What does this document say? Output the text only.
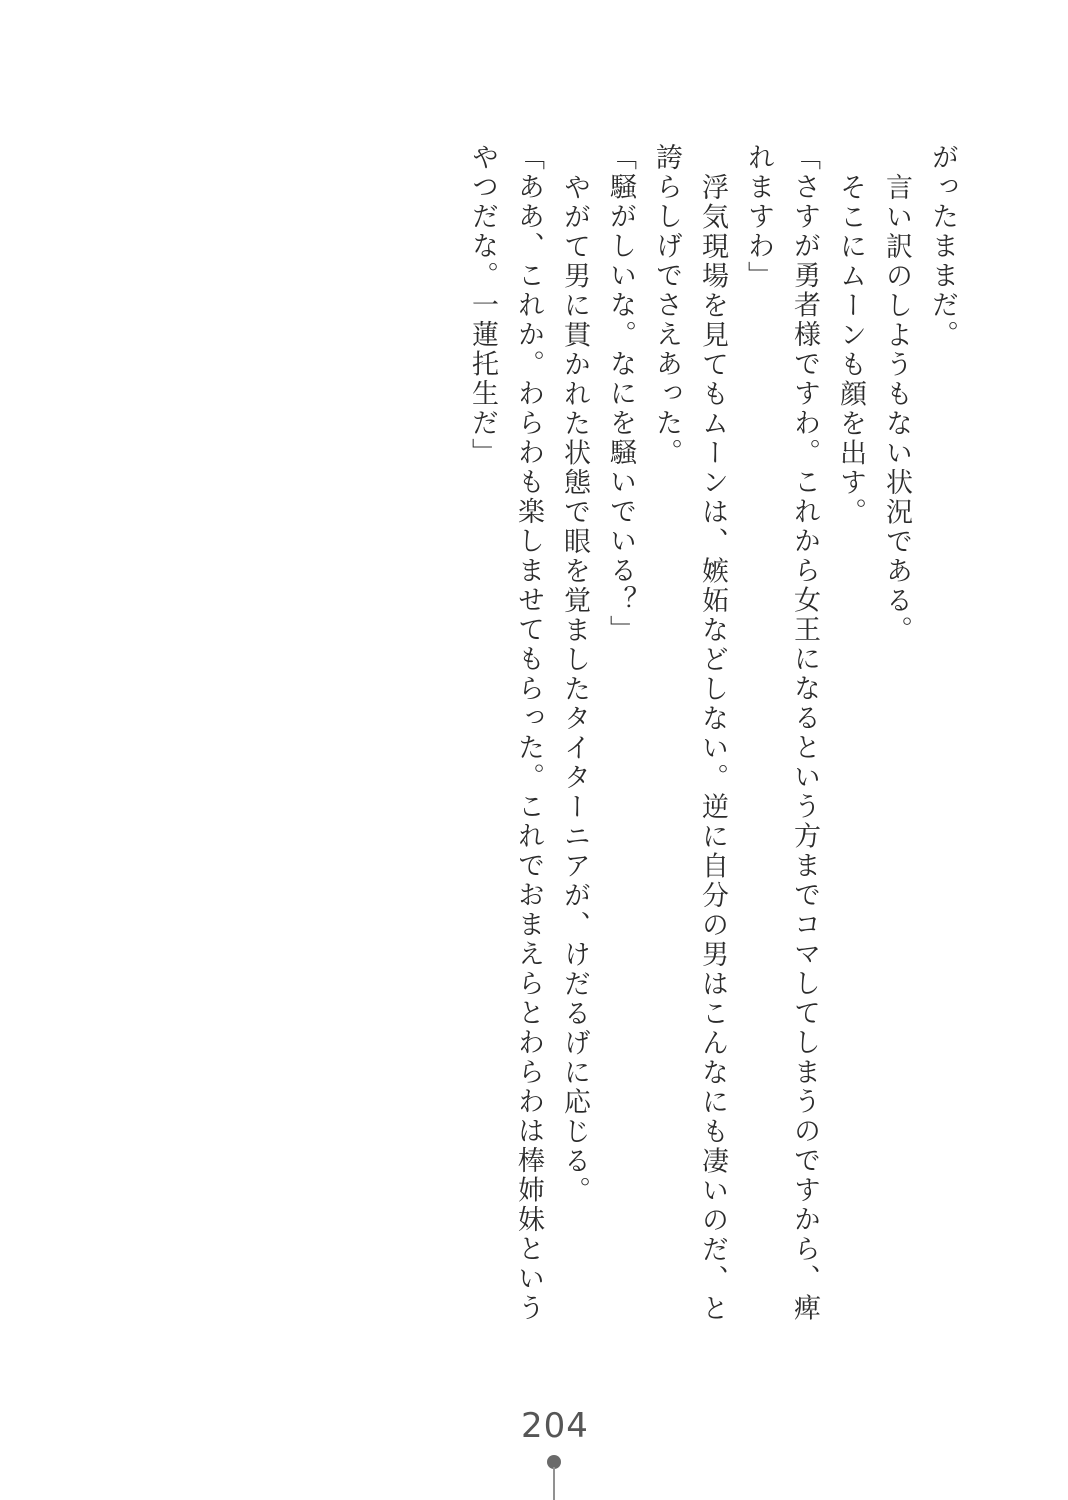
がったままだ。
言い訳のしようもない状況である。
そこにムーンも顔を出す。
「さすが勇者様ですわ。これから女王になるという方までコマしてしまうのですから、痺
れますわ」
浮気現場を見てもムーンは、嫉妬などしない。逆に自分の男はこんなにも凄いのだ、と
誇らしげでさえあった。
「騒がしいな。なにを騒いでいる？」
やがて男に貫かれた状態で眼を覚ましたタイターニアが、けだるげに応じる。
「ああ、これか。わらわも楽しませてもらった。これでおまえらとわらわは棒姉妹という
やつだな。一蓮托生だ」
204
